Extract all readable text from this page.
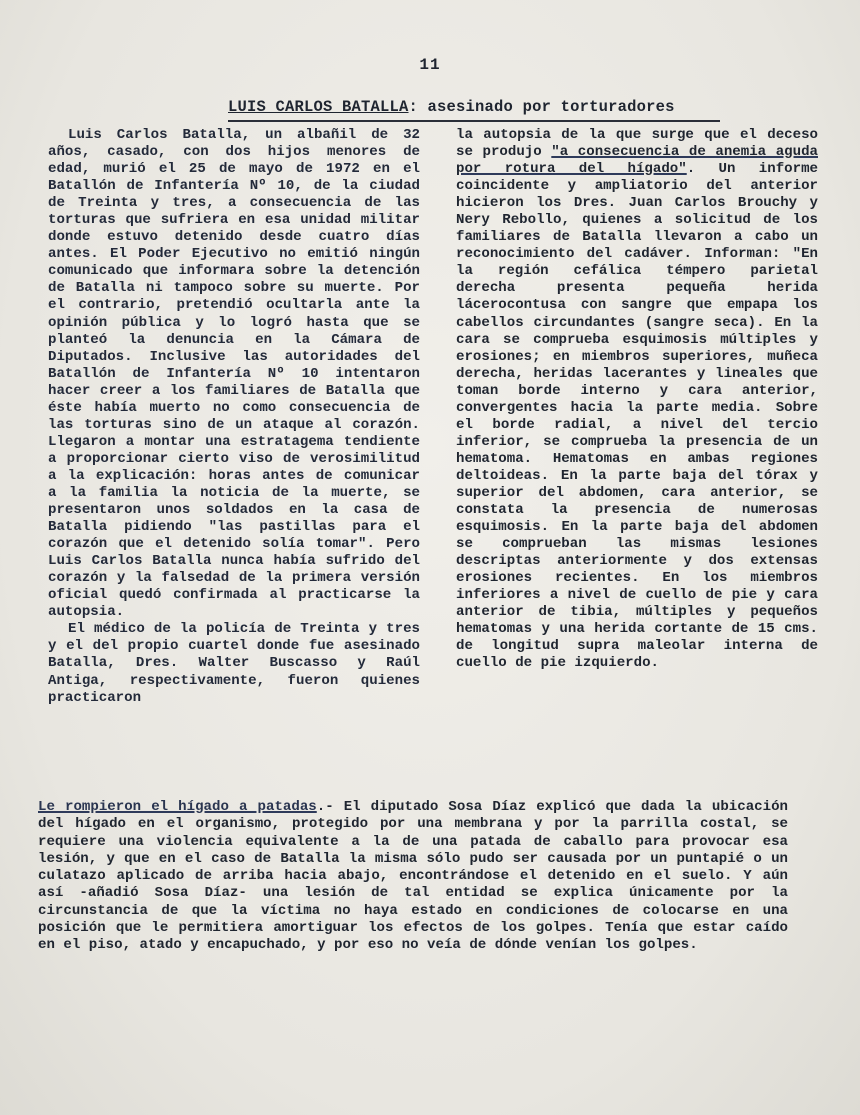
11
LUIS CARLOS BATALLA: asesinado por torturadores

Luis Carlos Batalla, un albañil de 32 años, casado, con dos hijos menores de edad, murió el 25 de mayo de 1972 en el Batallón de Infantería Nº 10, de la ciudad de Treinta y tres, a consecuencia de las torturas que sufriera en esa unidad militar donde estuvo detenido desde cuatro días antes. El Poder Ejecutivo no emitió ningún comunicado que informara sobre la detención de Batalla ni tampoco sobre su muerte. Por el contrario, pretendió ocultarla ante la opinión pública y lo logró hasta que se planteó la denuncia en la Cámara de Diputados. Inclusive las autoridades del Batallón de Infantería Nº 10 intentaron hacer creer a los familiares de Batalla que éste había muerto no como consecuencia de las torturas sino de un ataque al corazón. Llegaron a montar una estratagema tendiente a proporcionar cierto viso de verosimilitud a la explicación: horas antes de comunicar a la familia la noticia de la muerte, se presentaron unos soldados en la casa de Batalla pidiendo "las pastillas para el corazón que el detenido solía tomar". Pero Luis Carlos Batalla nunca había sufrido del corazón y la falsedad de la primera versión oficial quedó confirmada al practicarse la autopsia.

El médico de la policía de Treinta y tres y el del propio cuartel donde fue asesinado Batalla, Dres. Walter Buscasso y Raúl Antiga, respectivamente, fueron quienes practicaron

la autopsia de la que surge que el deceso se produjo "a consecuencia de anemia aguda por rotura del hígado". Un informe coincidente y ampliatorio del anterior hicieron los Dres. Juan Carlos Brouchy y Nery Rebollo, quienes a solicitud de los familiares de Batalla llevaron a cabo un reconocimiento del cadáver. Informan: "En la región cefálica témpero parietal derecha presenta pequeña herida lácerocontusa con sangre que empapa los cabellos circundantes (sangre seca). En la cara se comprueba esquimosis múltiples y erosiones; en miembros superiores, muñeca derecha, heridas lacerantes y lineales que toman borde interno y cara anterior, convergentes hacia la parte media. Sobre el borde radial, a nivel del tercio inferior, se comprueba la presencia de un hematoma. Hematomas en ambas regiones deltoideas. En la parte baja del tórax y superior del abdomen, cara anterior, se constata la presencia de numerosas esquimosis. En la parte baja del abdomen se comprueban las mismas lesiones descriptas anteriormente y dos extensas erosiones recientes. En los miembros inferiores a nivel de cuello de pie y cara anterior de tibia, múltiples y pequeños hematomas y una herida cortante de 15 cms. de longitud supra maleolar interna de cuello de pie izquierdo.

Le rompieron el hígado a patadas.- El diputado Sosa Díaz explicó que dada la ubicación del hígado en el organismo, protegido por una membrana y por la parrilla costal, se requiere una violencia equivalente a la de una patada de caballo para provocar esa lesión, y que en el caso de Batalla la misma sólo pudo ser causada por un puntapié o un culatazo aplicado de arriba hacia abajo, encontrándose el detenido en el suelo. Y aún así -añadió Sosa Díaz- una lesión de tal entidad se explica únicamente por la circunstancia de que la víctima no haya estado en condiciones de colocarse en una posición que le permitiera amortiguar los efectos de los golpes. Tenía que estar caído en el piso, atado y encapuchado, y por eso no veía de dónde venían los golpes.
